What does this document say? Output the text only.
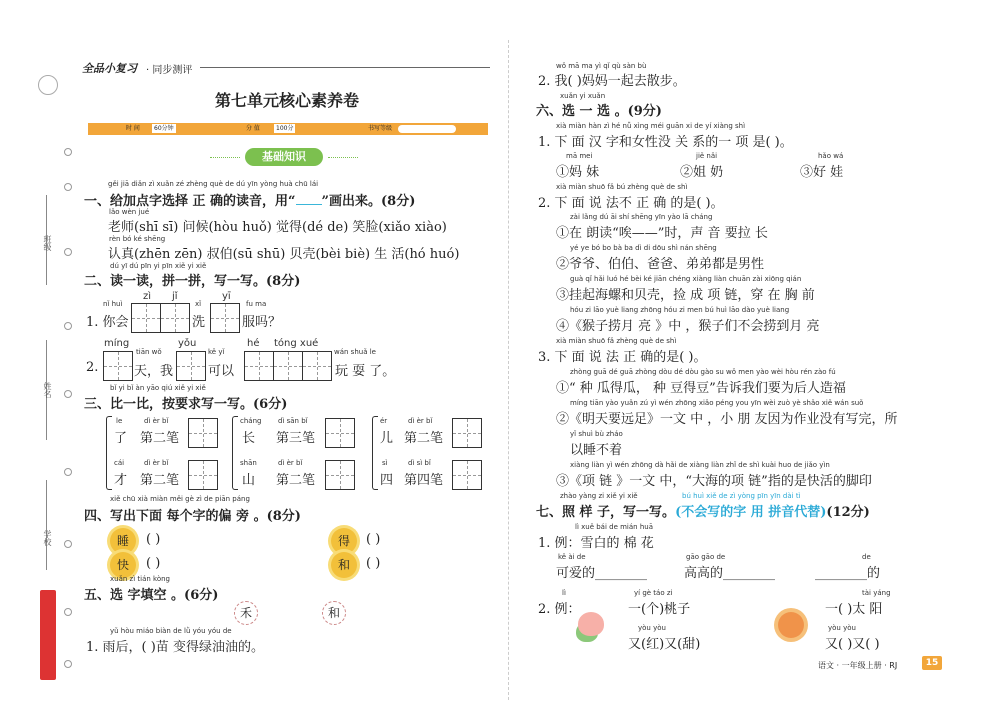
班级
姓名
学校
全品小复习 · 同步测评
第七单元核心素养卷
时 间	60分钟	分 值	100分	书写等级
基础知识
gěi jiā diǎn zì xuǎn zé zhèng què de dú yīn yòng huà chū lái
一、给加点字选择 正 确的读音，用“ ”画出来。(8分)
lǎo wèn jué
老师(shī sī) 问候(hòu huǒ) 觉得(dé de) 笑脸(xiǎo xiào)
rèn bó ké shēng
认真(zhēn zēn) 叔伯(sū shū) 贝壳(bèi biè) 生 活(hó huó)
dú yī dú pīn yi pīn xiě yi xiě
二、读一读，拼一拼，写一写。(8分)
zì jǐ
xǐ
yī
nǐ huì	fu ma
1. 你会	洗	服吗？
míng	yǒu	hé tóng xué
tiān wǒ	kě yǐ	wán shuǎ le
2.	天，我	可以	玩 耍 了。
bǐ yi bǐ àn yāo qiú xiě yi xiě
三、比一比，按要求写一写。(6分)
le	dì èr bǐ	cháng dì sān bǐ	ér	dì èr bǐ
了 第二笔	长 第三笔	儿 第二笔
cái	dì èr bǐ	shān	dì èr bǐ	sì	dì sì bǐ
才 第二笔	山 第二笔	四 第四笔
xiě chū xià miàn měi gè zì de piān páng
四、写出下面 每个字的偏 旁 。(8分)
睡	( )
快	( )
得	( )
和	( )
xuǎn zì tián kòng
五、选 字填空 。(6分)
禾	和
yǔ hòu miáo biàn de lǜ yóu yóu de
1. 雨后，( )苗 变得绿油油的。
wǒ mā ma yì qǐ qù sàn bù
2. 我( )妈妈一起去散步。
xuǎn yi xuǎn
六、选 一 选 。(9分)
xià miàn hàn zì hé nǚ xìng méi guān xi de yí xiàng shì
1. 下 面 汉 字和女性没 关 系的一 项 是( )。
mā mei
①妈 妹
jiě nǎi
②姐 奶
hǎo wá
③好 娃
xià miàn shuō fǎ bú zhèng què de shì
2. 下 面 说 法不 正 确 的是( )。
zài lǎng dú āi shí shēng yīn yào lā cháng
①在 朗读“唉——”时，声 音 要拉 长
yé ye bó bo bà ba dì di dōu shì nán shēng
②爷爷、伯伯、爸爸、弟弟都是男性
guà qǐ hǎi luó hé bèi ké jiān chéng xiàng liàn chuān zài xiōng qián
③挂起海螺和贝壳，捡 成 项 链，穿 在 胸 前
hóu zi lāo yuè liang zhōng hóu zi men bú huì lāo dào yuè liang
④《猴子捞月 亮 》中 ，猴子们不会捞到月 亮
xià miàn shuō fǎ zhèng què de shì
3. 下 面 说 法 正 确的是( )。
zhòng guā dé guā zhòng dòu dé dòu gào su wǒ men yào wèi hòu rén zào fú
①“ 种 瓜得瓜， 种 豆得豆”告诉我们要为后人造福
míng tiān yào yuǎn zú yì wén zhōng xiǎo péng you yīn wèi zuò yè shǎo xiě wán suǒ
②《明天要远足》一文 中 ，小 朋 友因为作业没有写完，所
yǐ shuì bù zháo
以睡不着
xiàng liàn yì wén zhōng dà hǎi de xiàng liàn zhǐ de shì kuài huo de jiǎo yìn
③《项 链 》一文 中，“大海的项 链”指的是快活的脚印
zhào yàng zi xiě yi xiě	bú huì xiě de zì yòng pīn yīn dài tì
七、照 样 子，写一写。(不会写的字 用 拼音代替)(12分)
lì xuě bái de mián huā
1. 例：雪白的 棉 花
kě ài de
可爱的________
gāo gāo de
高高的________
de
________的
lì
2. 例：
yí gè táo zi
一(个)桃子
yòu yòu
又(红)又(甜)
tài yáng
一( )太 阳
yòu yòu
又( )又( )
语文 · 一年级上册 · RJ	15
